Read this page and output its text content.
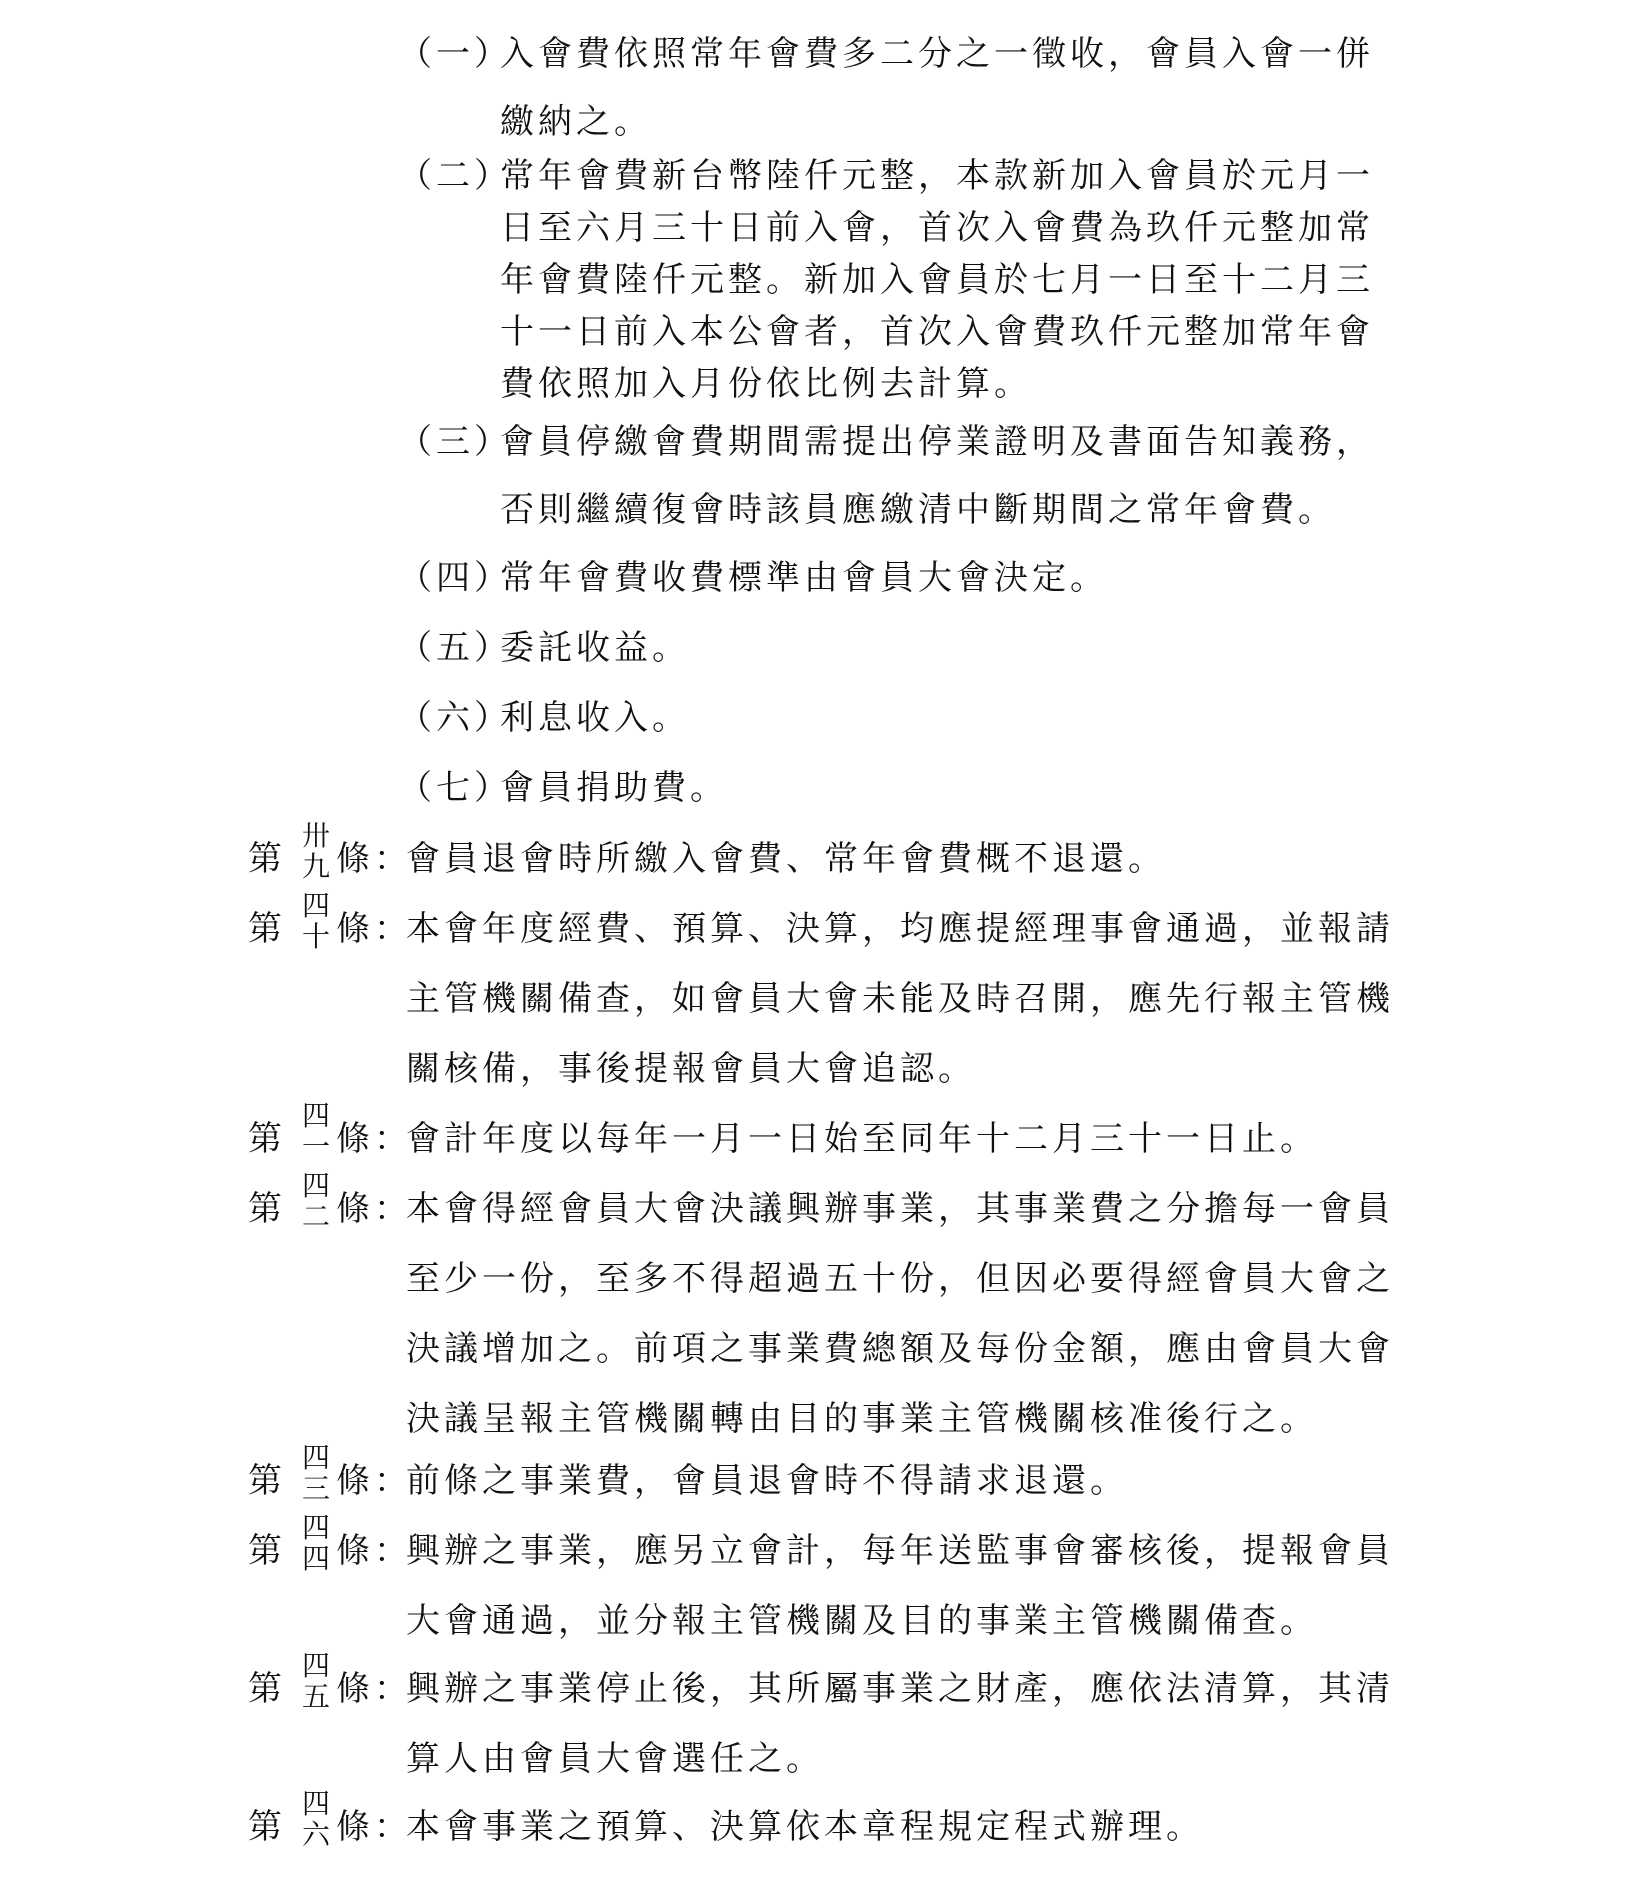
（一）
入會費依照常年會費多二分之一徵收，會員入會一併繳納之。
（二）
常年會費新台幣陸仟元整，本款新加入會員於元月一日至六月三十日前入會，首次入會費為玖仟元整加常年會費陸仟元整。新加入會員於七月一日至十二月三十一日前入本公會者，首次入會費玖仟元整加常年會費依照加入月份依比例去計算。
（三）
會員停繳會費期間需提出停業證明及書面告知義務，否則繼續復會時該員應繳清中斷期間之常年會費。
（四）
常年會費收費標準由會員大會決定。
（五）
委託收益。
（六）
利息收入。
（七）
會員捐助費。
第
卅
九 條：
會員退會時所繳入會費、常年會費概不退還。
第
四
十 條：
本會年度經費、預算、決算，均應提經理事會通過，並報請主管機關備查，如會員大會未能及時召開，應先行報主管機關核備，事後提報會員大會追認。
第
四
一 條：
會計年度以每年一月一日始至同年十二月三十一日止。
第
四
二 條：
本會得經會員大會決議興辦事業，其事業費之分擔每一會員至少一份，至多不得超過五十份，但因必要得經會員大會之決議增加之。前項之事業費總額及每份金額，應由會員大會決議呈報主管機關轉由目的事業主管機關核准後行之。
第
四
三 條：
前條之事業費，會員退會時不得請求退還。
第
四
四 條：
興辦之事業，應另立會計，每年送監事會審核後，提報會員大會通過，並分報主管機關及目的事業主管機關備查。
第
四
五 條：
興辦之事業停止後，其所屬事業之財產，應依法清算，其清算人由會員大會選任之。
第
四
六 條：
本會事業之預算、決算依本章程規定程式辦理。
